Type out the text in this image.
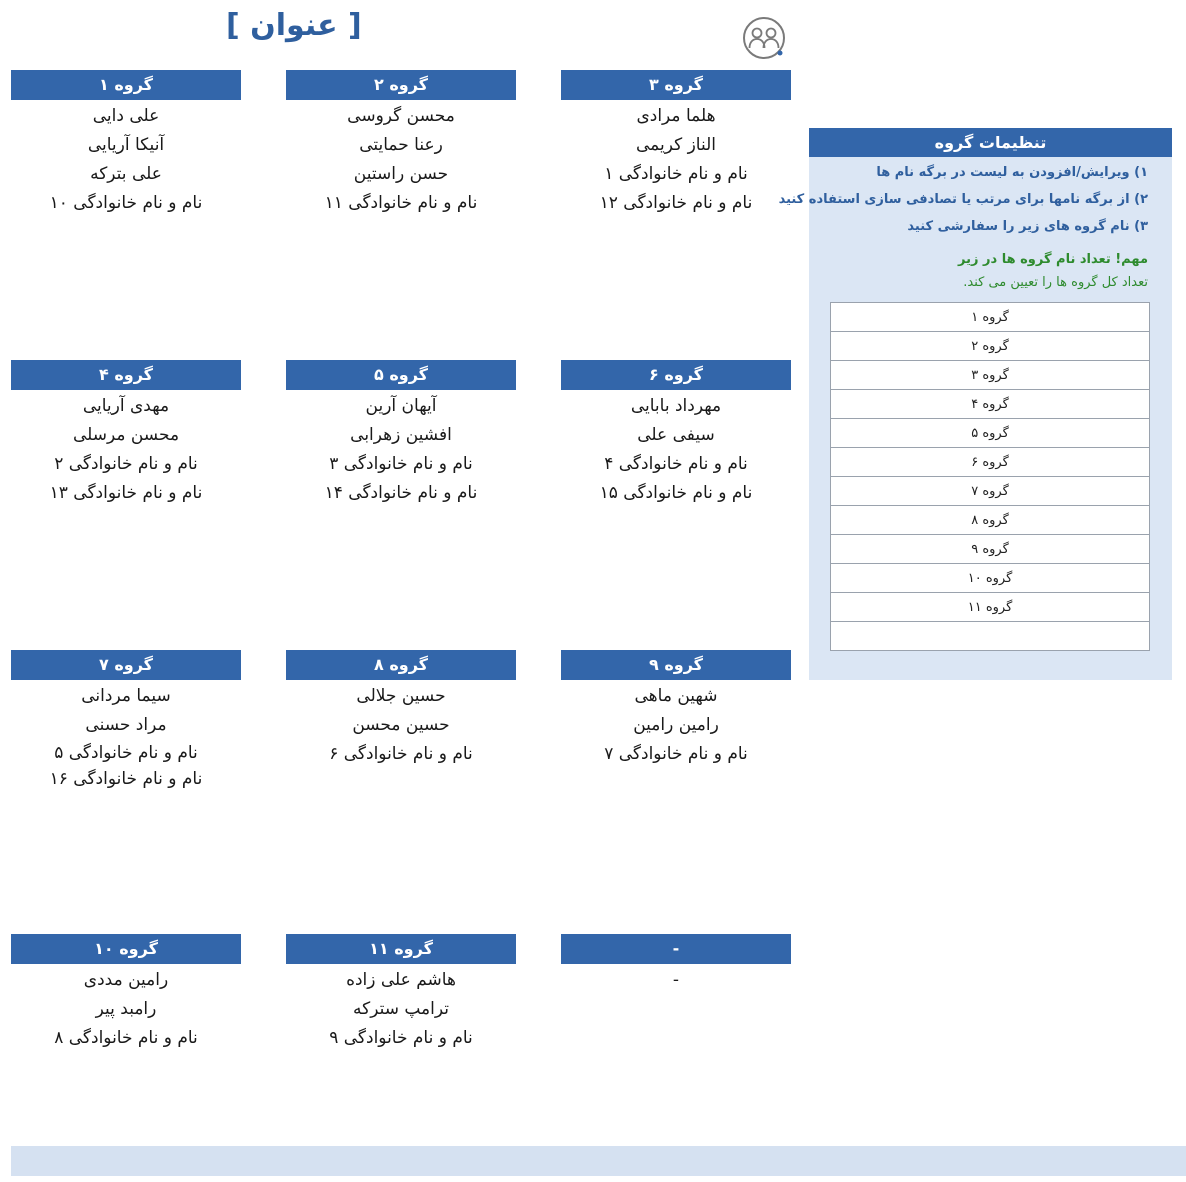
[ عنوان ]
گروه ۱
علی دایی
آنیکا آریایی
علی بترکه
نام و نام خانوادگی ۱۰
گروه ۲
محسن گروسی
رعنا حمایتی
حسن راستین
نام و نام خانوادگی ۱۱
گروه ۳
هلما مرادی
الناز کریمی
نام و نام خانوادگی ۱
نام و نام خانوادگی ۱۲
گروه ۴
مهدی آریایی
محسن مرسلی
نام و نام خانوادگی ۲
نام و نام خانوادگی ۱۳
گروه ۵
آیهان آرین
افشین زهرابی
نام و نام خانوادگی ۳
نام و نام خانوادگی ۱۴
گروه ۶
مهرداد بابایی
سیفی علی
نام و نام خانوادگی ۴
نام و نام خانوادگی ۱۵
گروه ۷
سیما مردانی
مراد حسنی
نام و نام خانوادگی ۵
نام و نام خانوادگی ۱۶
گروه ۸
حسین جلالی
حسین محسن
نام و نام خانوادگی ۶
گروه ۹
شهین ماهی
رامین رامین
نام و نام خانوادگی ۷
گروه ۱۰
رامین مددی
رامبد پیر
نام و نام خانوادگی ۸
گروه ۱۱
هاشم علی زاده
ترامپ سترکه
نام و نام خانوادگی ۹
-
-
تنظیمات گروه
۱) ویرایش/افزودن به لیست در برگه نام ها
۲) از برگه نامها برای مرتب یا تصادفی سازی استفاده کنید
۳) نام گروه های زیر را سفارشی کنید
مهم! تعداد نام گروه ها در زیر
تعداد کل گروه ها را تعیین می کند.
گروه ۱
گروه ۲
گروه ۳
گروه ۴
گروه ۵
گروه ۶
گروه ۷
گروه ۸
گروه ۹
گروه ۱۰
گروه ۱۱
